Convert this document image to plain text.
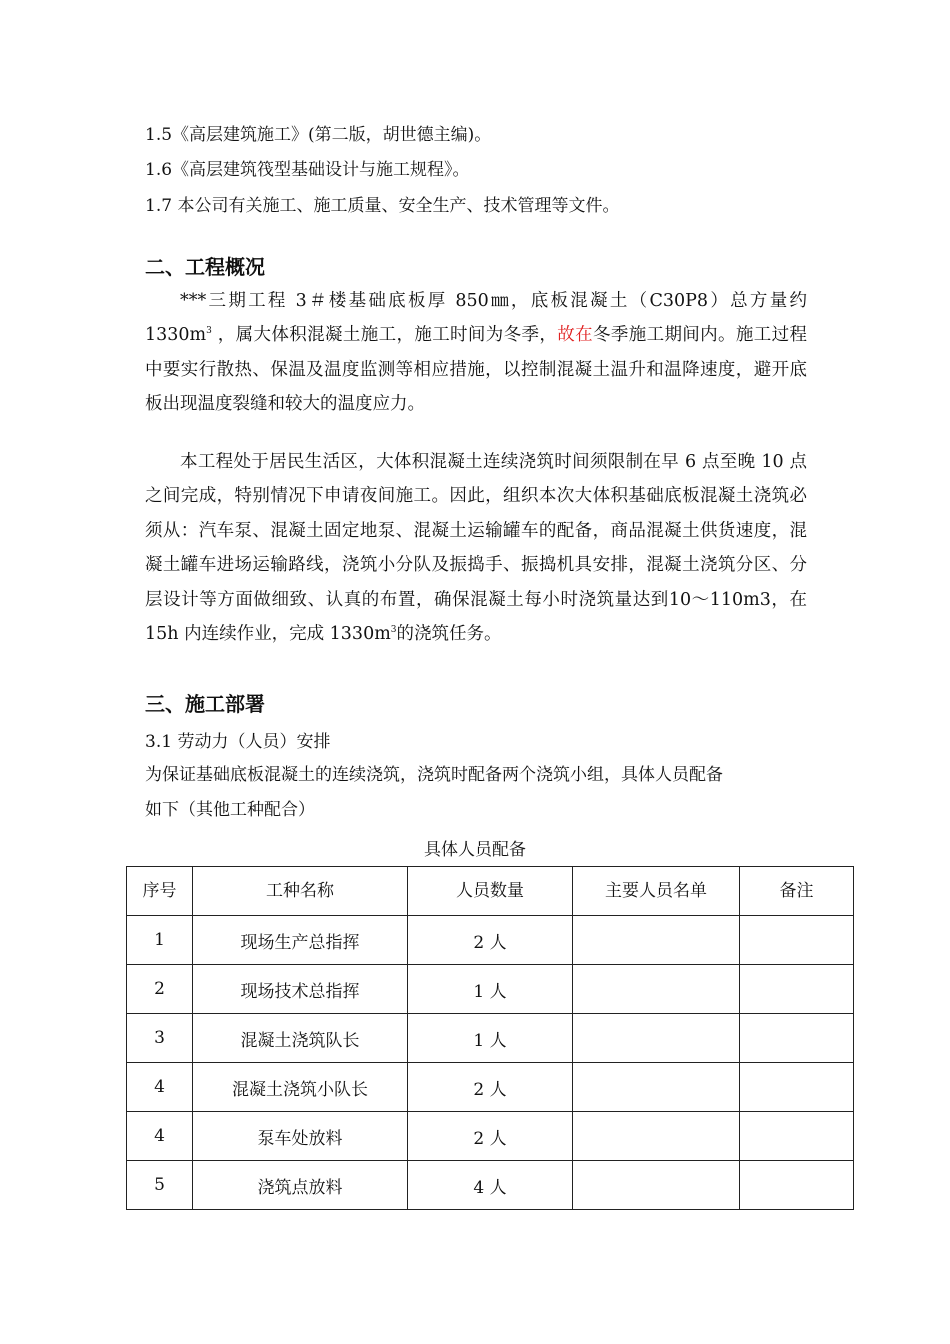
1.5《高层建筑施工》(第二版，胡世德主编)。
1.6《高层建筑筏型基础设计与施工规程》。
1.7 本公司有关施工、施工质量、安全生产、技术管理等文件。
二、工程概况
***三期工程 3＃楼基础底板厚 850㎜，底板混凝土（C30P8）总方量约 $1330m^3$ ，属大体积混凝土施工，施工时间为冬季，故在冬季施工期间内。施工过程中要实行散热、保温及温度监测等相应措施，以控制混凝土温升和温降速度，避开底板出现温度裂缝和较大的温度应力。
本工程处于居民生活区，大体积混凝土连续浇筑时间须限制在早 6 点至晚 10 点之间完成，特别情况下申请夜间施工。因此，组织本次大体积基础底板混凝土浇筑必须从：汽车泵、混凝土固定地泵、混凝土运输罐车的配备，商品混凝土供货速度，混凝土罐车进场运输路线，浇筑小分队及振捣手、振捣机具安排，混凝土浇筑分区、分层设计等方面做细致、认真的布置，确保混凝土每小时浇筑量达到10～110m3，在 15h 内连续作业，完成 $1330m^3$的浇筑任务。
三、施工部署
3.1 劳动力（人员）安排
为保证基础底板混凝土的连续浇筑，浇筑时配备两个浇筑小组，具体人员配备
如下（其他工种配合）
具体人员配备
序号	工种名称	人员数量	主要人员名单	备注
1	现场生产总指挥	2 人		
2	现场技术总指挥	1 人		
3	混凝土浇筑队长	1 人		
4	混凝土浇筑小队长	2 人		
4	泵车处放料	2 人		
5	浇筑点放料	4 人		
